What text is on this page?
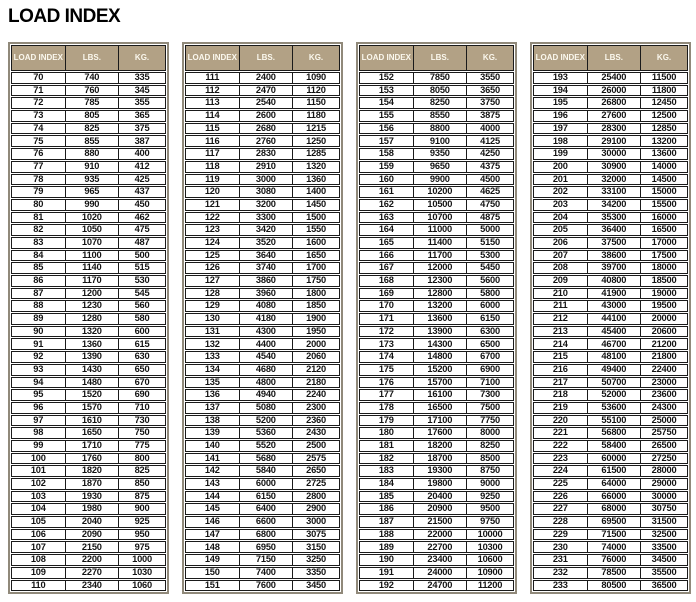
LOAD INDEX
LOAD INDEX	LBS.	KG.
70	740	335
71	760	345
72	785	355
73	805	365
74	825	375
75	855	387
76	880	400
77	910	412
78	935	425
79	965	437
80	990	450
81	1020	462
82	1050	475
83	1070	487
84	1100	500
85	1140	515
86	1170	530
87	1200	545
88	1230	560
89	1280	580
90	1320	600
91	1360	615
92	1390	630
93	1430	650
94	1480	670
95	1520	690
96	1570	710
97	1610	730
98	1650	750
99	1710	775
100	1760	800
101	1820	825
102	1870	850
103	1930	875
104	1980	900
105	2040	925
106	2090	950
107	2150	975
108	2200	1000
109	2270	1030
110	2340	1060
LOAD INDEX	LBS.	KG.
111	2400	1090
112	2470	1120
113	2540	1150
114	2600	1180
115	2680	1215
116	2760	1250
117	2830	1285
118	2910	1320
119	3000	1360
120	3080	1400
121	3200	1450
122	3300	1500
123	3420	1550
124	3520	1600
125	3640	1650
126	3740	1700
127	3860	1750
128	3960	1800
129	4080	1850
130	4180	1900
131	4300	1950
132	4400	2000
133	4540	2060
134	4680	2120
135	4800	2180
136	4940	2240
137	5080	2300
138	5200	2360
139	5360	2430
140	5520	2500
141	5680	2575
142	5840	2650
143	6000	2725
144	6150	2800
145	6400	2900
146	6600	3000
147	6800	3075
148	6950	3150
149	7150	3250
150	7400	3350
151	7600	3450
LOAD INDEX	LBS.	KG.
152	7850	3550
153	8050	3650
154	8250	3750
155	8550	3875
156	8800	4000
157	9100	4125
158	9350	4250
159	9650	4375
160	9900	4500
161	10200	4625
162	10500	4750
163	10700	4875
164	11000	5000
165	11400	5150
166	11700	5300
167	12000	5450
168	12300	5600
169	12800	5800
170	13200	6000
171	13600	6150
172	13900	6300
173	14300	6500
174	14800	6700
175	15200	6900
176	15700	7100
177	16100	7300
178	16500	7500
179	17100	7750
180	17600	8000
181	18200	8250
182	18700	8500
183	19300	8750
184	19800	9000
185	20400	9250
186	20900	9500
187	21500	9750
188	22000	10000
189	22700	10300
190	23400	10600
191	24000	10900
192	24700	11200
LOAD INDEX	LBS.	KG.
193	25400	11500
194	26000	11800
195	26800	12450
196	27600	12500
197	28300	12850
198	29100	13200
199	30000	13600
200	30900	14000
201	32000	14500
202	33100	15000
203	34200	15500
204	35300	16000
205	36400	16500
206	37500	17000
207	38600	17500
208	39700	18000
209	40800	18500
210	41900	19000
211	43000	19500
212	44100	20000
213	45400	20600
214	46700	21200
215	48100	21800
216	49400	22400
217	50700	23000
218	52000	23600
219	53600	24300
220	55100	25000
221	56800	25750
222	58400	26500
223	60000	27250
224	61500	28000
225	64000	29000
226	66000	30000
227	68000	30750
228	69500	31500
229	71500	32500
230	74000	33500
231	76000	34500
232	78500	35500
233	80500	36500
